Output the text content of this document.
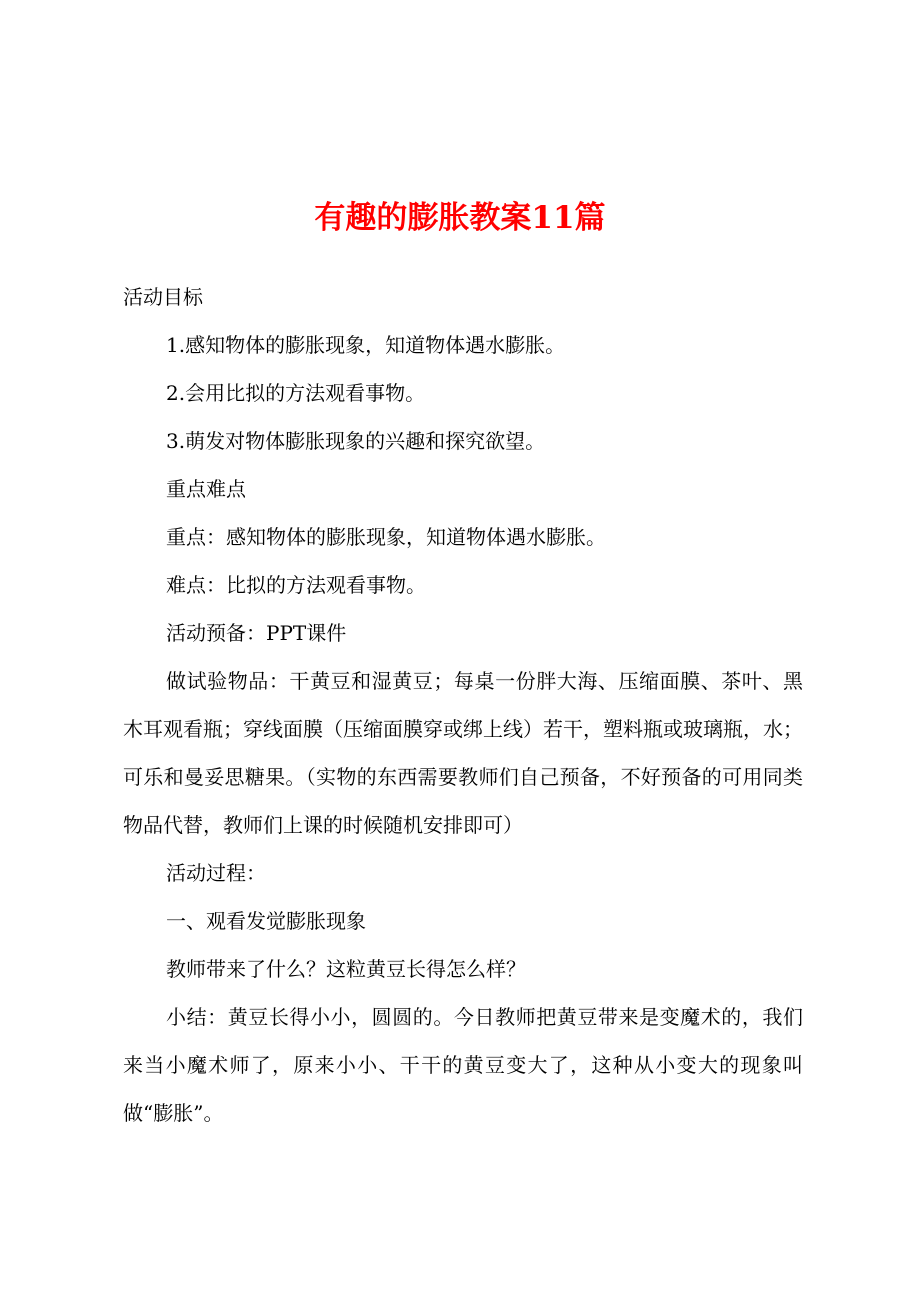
有趣的膨胀教案11篇

活动目标

1.感知物体的膨胀现象，知道物体遇水膨胀。

2.会用比拟的方法观看事物。

3.萌发对物体膨胀现象的兴趣和探究欲望。

重点难点

重点：感知物体的膨胀现象，知道物体遇水膨胀。

难点：比拟的方法观看事物。

活动预备：PPT课件

做试验物品：干黄豆和湿黄豆；每桌一份胖大海、压缩面膜、茶叶、黑木耳观看瓶；穿线面膜（压缩面膜穿或绑上线）若干，塑料瓶或玻璃瓶，水；可乐和曼妥思糖果。（实物的东西需要教师们自己预备，不好预备的可用同类物品代替，教师们上课的时候随机安排即可）

活动过程：

一、观看发觉膨胀现象

教师带来了什么？这粒黄豆长得怎么样？

小结：黄豆长得小小，圆圆的。今日教师把黄豆带来是变魔术的，我们来当小魔术师了，原来小小、干干的黄豆变大了，这种从小变大的现象叫做“膨胀”。
